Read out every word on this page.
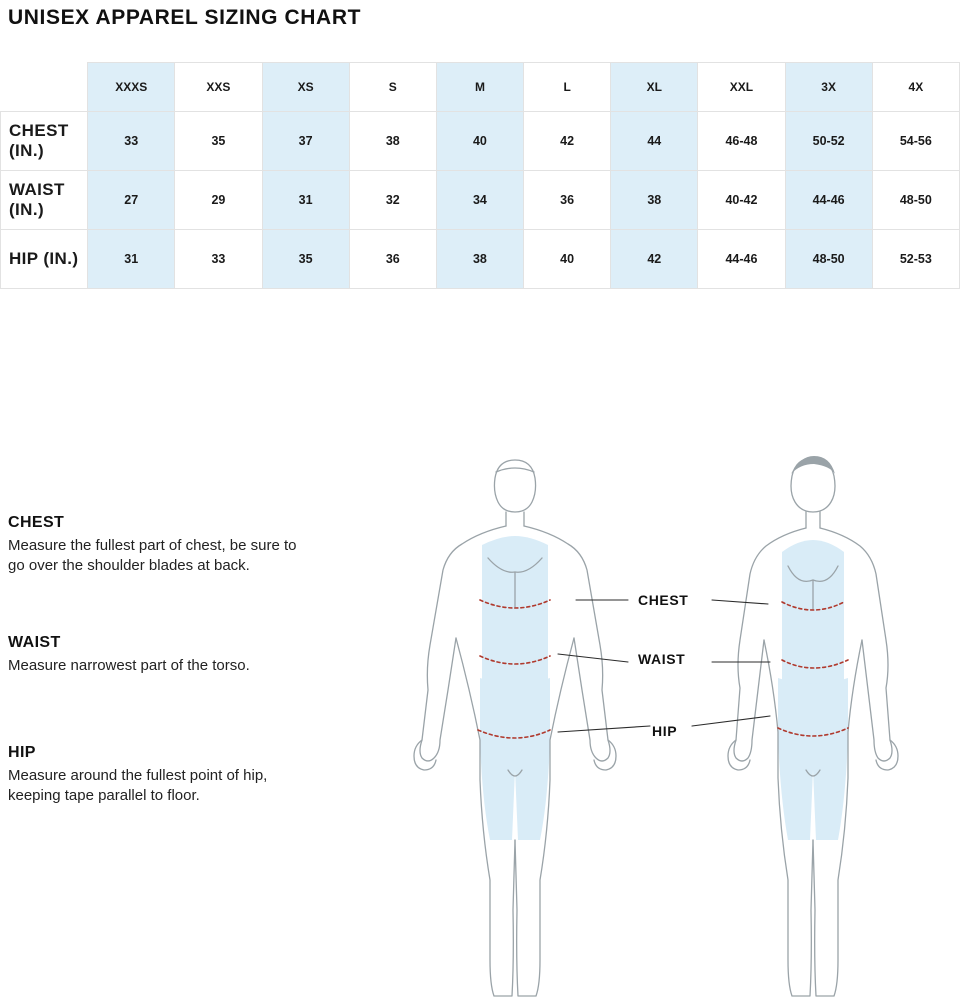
UNISEX APPAREL SIZING CHART
	XXXS	XXS	XS	S	M	L	XL	XXL	3X	4X
CHEST (IN.)	33	35	37	38	40	42	44	46-48	50-52	54-56
WAIST (IN.)	27	29	31	32	34	36	38	40-42	44-46	48-50
HIP (IN.)	31	33	35	36	38	40	42	44-46	48-50	52-53
CHEST

Measure the fullest part of chest, be sure to go over the shoulder blades at back.

WAIST

Measure narrowest part of the torso.

HIP

Measure around the fullest point of hip, keeping tape parallel to floor.

CHEST
WAIST
HIP
